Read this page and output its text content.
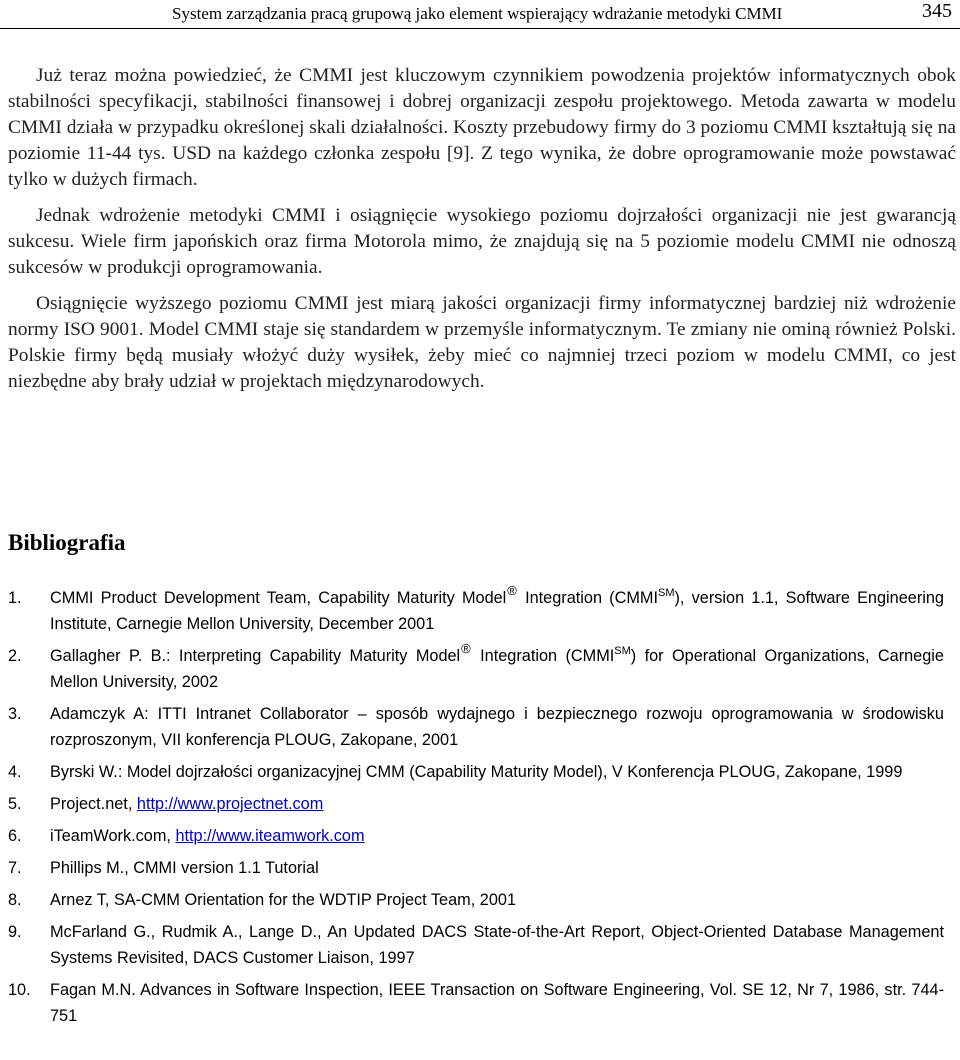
System zarządzania pracą grupową jako element wspierający wdrażanie metodyki CMMI	345

Już teraz można powiedzieć, że CMMI jest kluczowym czynnikiem powodzenia projektów informatycznych obok stabilności specyfikacji, stabilności finansowej i dobrej organizacji zespołu projektowego. Metoda zawarta w modelu CMMI działa w przypadku określonej skali działalności. Koszty przebudowy firmy do 3 poziomu CMMI kształtują się na poziomie 11-44 tys. USD na każdego członka zespołu [9]. Z tego wynika, że dobre oprogramowanie może powstawać tylko w dużych firmach.

Jednak wdrożenie metodyki CMMI i osiągnięcie wysokiego poziomu dojrzałości organizacji nie jest gwarancją sukcesu. Wiele firm japońskich oraz firma Motorola mimo, że znajdują się na 5 poziomie modelu CMMI nie odnoszą sukcesów w produkcji oprogramowania.

Osiągnięcie wyższego poziomu CMMI jest miarą jakości organizacji firmy informatycznej bardziej niż wdrożenie normy ISO 9001. Model CMMI staje się standardem w przemyśle informatycznym. Te zmiany nie ominą również Polski. Polskie firmy będą musiały włożyć duży wysiłek, żeby mieć co najmniej trzeci poziom w modelu CMMI, co jest niezbędne aby brały udział w projektach międzynarodowych.

Bibliografia
1.	CMMI Product Development Team, Capability Maturity Model® Integration (CMMI℠), version 1.1, Software Engineering Institute, Carnegie Mellon University, December 2001
2.	Gallagher P. B.: Interpreting Capability Maturity Model® Integration (CMMI℠) for Operational Organizations, Carnegie Mellon University, 2002
3.	Adamczyk A: ITTI Intranet Collaborator – sposób wydajnego i bezpiecznego rozwoju oprogramowania w środowisku rozproszonym, VII konferencja PLOUG, Zakopane, 2001
4.	Byrski W.: Model dojrzałości organizacyjnej CMM (Capability Maturity Model), V Konferencja PLOUG, Zakopane, 1999
5.	Project.net, http://www.projectnet.com
6.	iTeamWork.com, http://www.iteamwork.com
7.	Phillips M., CMMI version 1.1 Tutorial
8.	Arnez T, SA-CMM Orientation for the WDTIP Project Team, 2001
9.	McFarland G., Rudmik A., Lange D., An Updated DACS State-of-the-Art Report, Object-Oriented Database Management Systems Revisited, DACS Customer Liaison, 1997
10.	Fagan M.N. Advances in Software Inspection, IEEE Transaction on Software Engineering, Vol. SE 12, Nr 7, 1986, str. 744-751
